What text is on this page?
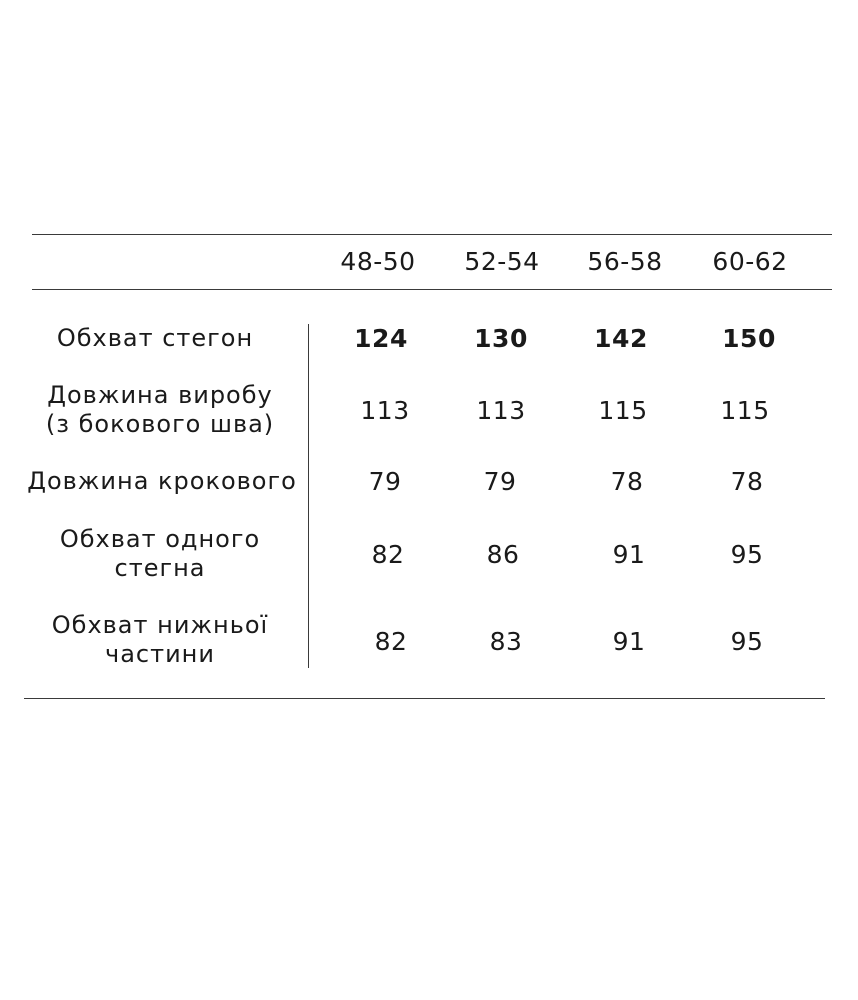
48-50	52-54	56-58	60-62
Обхват стегон	124	130	142	150
Довжина виробу
(з бокового шва)	113	113	115	115
Довжина крокового	79	79	78	78
Обхват одного
стегна	82	86	91	95
Обхват нижньої
частини	82	83	91	95
